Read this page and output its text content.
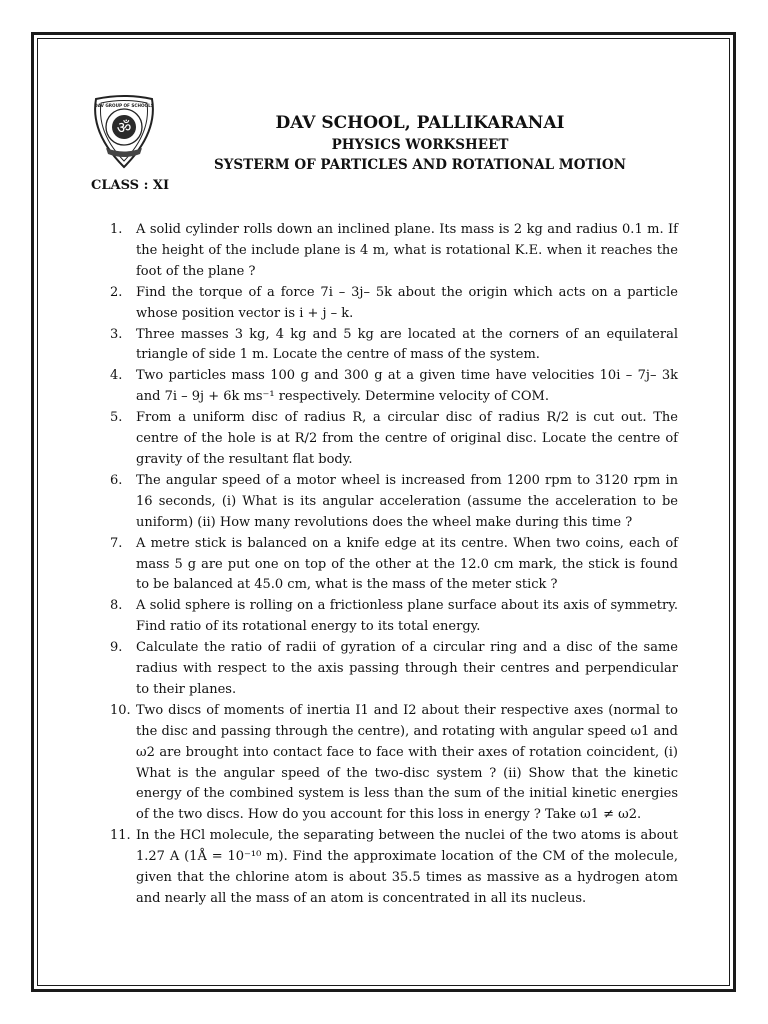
ॐ
DAV GROUP OF SCHOOLS
DAV SCHOOL, PALLIKARANAI
PHYSICS WORKSHEET
SYSTERM OF PARTICLES AND ROTATIONAL MOTION
CLASS : XI
1.	A solid cylinder rolls down an inclined plane. Its mass is 2 kg and radius 0.1 m. If the height of the include plane is 4 m, what is rotational K.E. when it reaches the foot of the plane ?
2.	Find the torque of a force 7i – 3j– 5k about the origin which acts on a particle whose position vector is i + j – k.
3.	Three masses 3 kg, 4 kg and 5 kg are located at the corners of an equilateral triangle of side 1 m. Locate the centre of mass of the system.
4.	Two particles mass 100 g and 300 g at a given time have velocities 10i – 7j– 3k and 7i – 9j + 6k ms⁻¹ respectively. Determine velocity of COM.
5.	From a uniform disc of radius R, a circular disc of radius R/2 is cut out. The centre of the hole is at R/2 from the centre of original disc. Locate the centre of gravity of the resultant flat body.
6.	The angular speed of a motor wheel is increased from 1200 rpm to 3120 rpm in 16 seconds, (i) What is its angular acceleration (assume the acceleration to be uniform) (ii) How many revolutions does the wheel make during this time ?
7.	A metre stick is balanced on a knife edge at its centre. When two coins, each of mass 5 g are put one on top of the other at the 12.0 cm mark, the stick is found to be balanced at 45.0 cm, what is the mass of the meter stick ?
8.	A solid sphere is rolling on a frictionless plane surface about its axis of symmetry. Find ratio of its rotational energy to its total energy.
9.	Calculate the ratio of radii of gyration of a circular ring and a disc of the same radius with respect to the axis passing through their centres and perpendicular to their planes.
10. Two discs of moments of inertia I1 and I2 about their respective axes (normal to the disc and passing through the centre), and rotating with angular speed ω1 and ω2 are brought into contact face to face with their axes of rotation coincident, (i) What is the angular speed of the two-disc system ? (ii) Show that the kinetic energy of the combined system is less than the sum of the initial kinetic energies of the two discs. How do you account for this loss in energy ? Take ω1 ≠ ω2.
11. In the HCl molecule, the separating between the nuclei of the two atoms is about 1.27 A (1Å = 10⁻¹⁰ m). Find the approximate location of the CM of the molecule, given that the chlorine atom is about 35.5 times as massive as a hydrogen atom and nearly all the mass of an atom is concentrated in all its nucleus.
